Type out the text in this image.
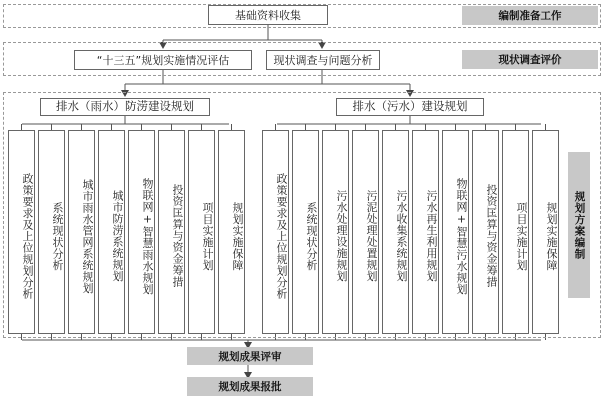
基础资料收集
“十三五”规划实施情况评估	现状调查与问题分析
编制准备工作
现状调查评价
规划方案编制
排水（雨水）防涝建设规划	排水（污水）建设规划
政策要求及上位规划分析	系统现状分析	城市雨水管网系统规划	城市防涝系统规划	物联网+智慧雨水规划	投资匡算与资金筹措	项目实施计划	规划实施保障	政策要求及上位规划分析	系统现状分析	污水处理设施规划	污泥处理处置规划	污水收集系统规划	污水再生利用规划	物联网+智慧污水规划	投资匡算与资金筹措	项目实施计划	规划实施保障
规划成果评审
规划成果报批
